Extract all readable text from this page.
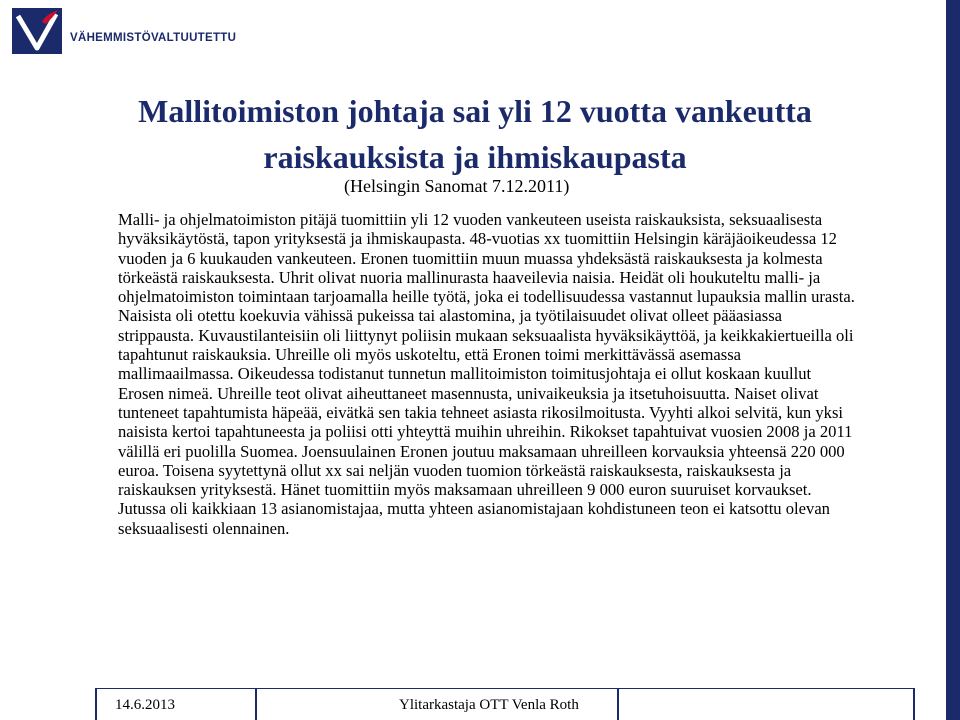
VÄHEMMISTÖVALTUUTETTU
Mallitoimiston johtaja sai yli 12 vuotta vankeutta raiskauksista ja ihmiskaupasta
(Helsingin Sanomat 7.12.2011)
Malli- ja ohjelmatoimiston pitäjä tuomittiin yli 12 vuoden vankeuteen useista raiskauksista, seksuaalisesta hyväksikäytöstä, tapon yrityksestä ja ihmiskaupasta. 48-vuotias xx tuomittiin Helsingin käräjäoikeudessa 12 vuoden ja 6 kuukauden vankeuteen. Eronen tuomittiin muun muassa yhdeksästä raiskauksesta ja kolmesta törkeästä raiskauksesta. Uhrit olivat nuoria mallinurasta haaveilevia naisia. Heidät oli houkuteltu malli- ja ohjelmatoimiston toimintaan tarjoamalla heille työtä, joka ei todellisuudessa vastannut lupauksia mallin urasta. Naisista oli otettu koekuvia vähissä pukeissa tai alastomina, ja työtilaisuudet olivat olleet pääasiassa strippausta. Kuvaustilanteisiin oli liittynyt poliisin mukaan seksuaalista hyväksikäyttöä, ja keikkakiertueilla oli tapahtunut raiskauksia. Uhreille oli myös uskoteltu, että Eronen toimi merkittävässä asemassa mallimaailmassa. Oikeudessa todistanut tunnetun mallitoimiston toimitusjohtaja ei ollut koskaan kuullut Erosen nimeä. Uhreille teot olivat aiheuttaneet masennusta, univaikeuksia ja itsetuhoisuutta. Naiset olivat tunteneet tapahtumista häpeää, eivätkä sen takia tehneet asiasta rikosilmoitusta. Vyyhti alkoi selvitä, kun yksi naisista kertoi tapahtuneesta ja poliisi otti yhteyttä muihin uhreihin. Rikokset tapahtuivat vuosien 2008 ja 2011 välillä eri puolilla Suomea. Joensuulainen Eronen joutuu maksamaan uhreilleen korvauksia yhteensä 220 000 euroa. Toisena syytettynä ollut xx sai neljän vuoden tuomion törkeästä raiskauksesta, raiskauksesta ja raiskauksen yrityksestä. Hänet tuomittiin myös maksamaan uhreilleen 9 000 euron suuruiset korvaukset. Jutussa oli kaikkiaan 13 asianomistajaa, mutta yhteen asianomistajaan kohdistuneen teon ei katsottu olevan seksuaalisesti olennainen.
14.6.2013	Ylitarkastaja OTT Venla Roth
